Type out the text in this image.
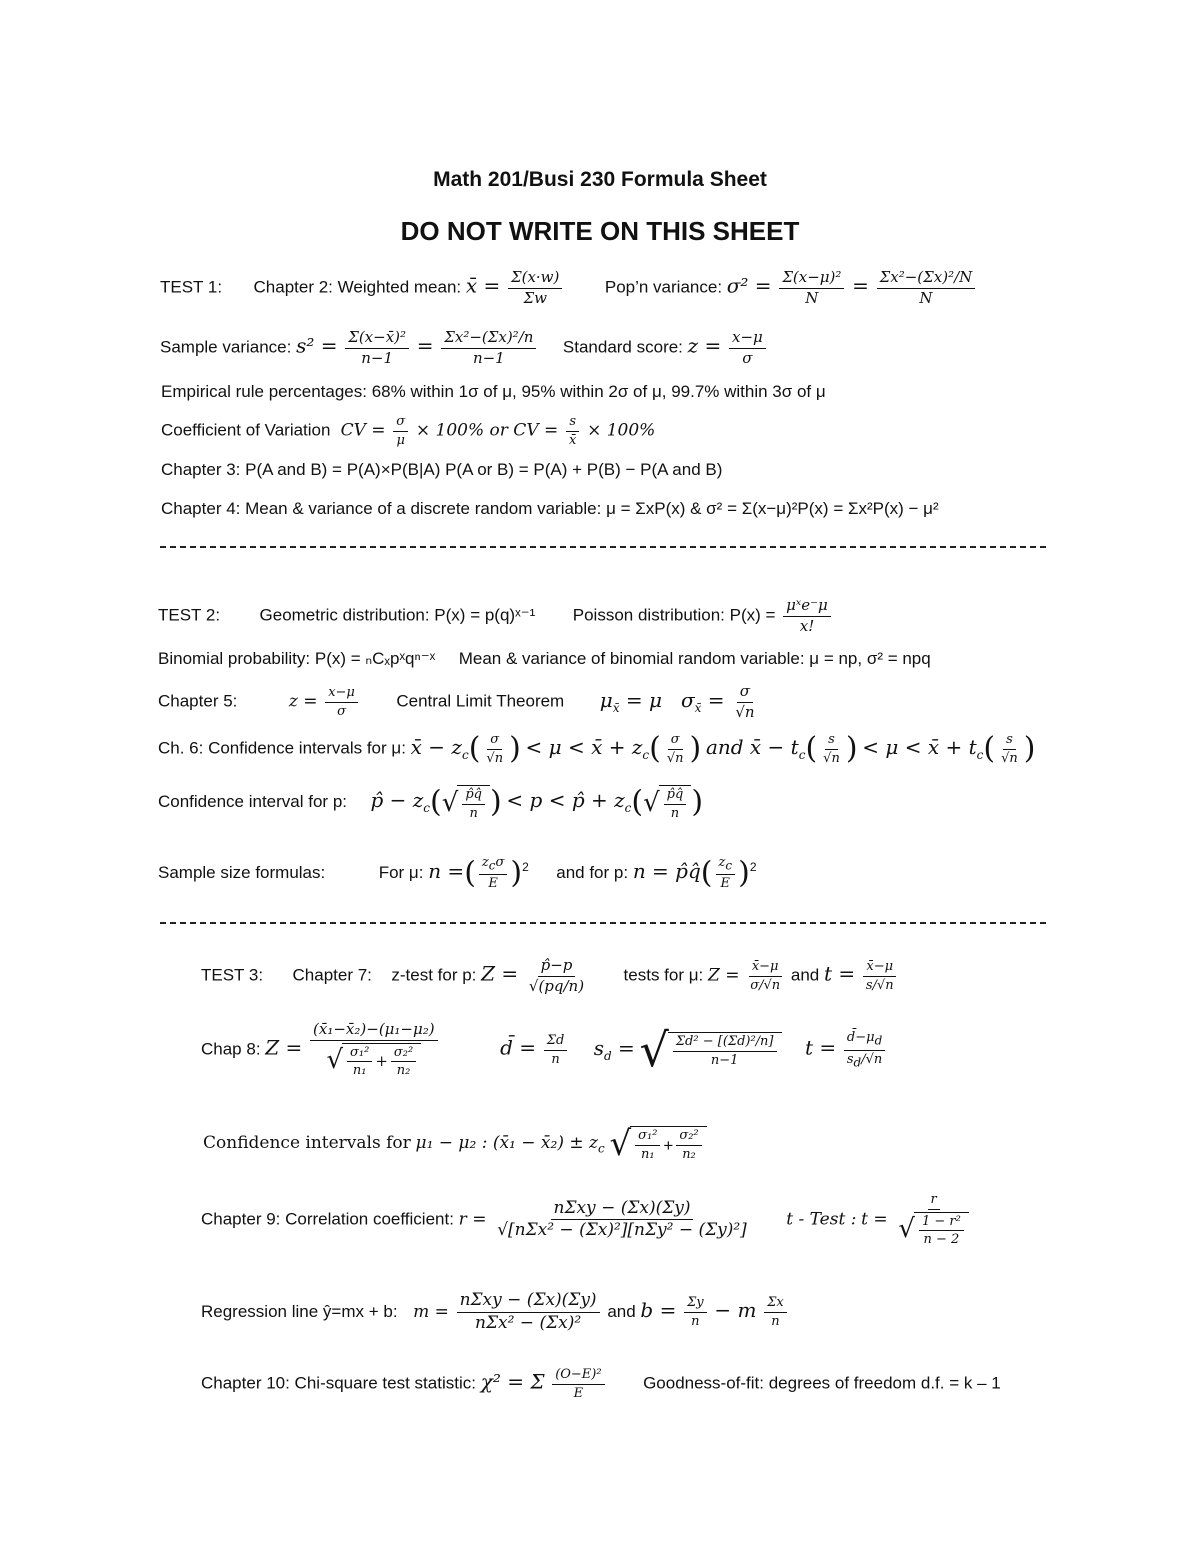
Math 201/Busi 230 Formula Sheet
DO NOT WRITE ON THIS SHEET
TEST 1: Chapter 2: Weighted mean: x̄ = $\frac{\Sigma(x\cdot w)}{\Sigma w}$ Pop’n variance: $\sigma^2 = \frac{\text{Σ(x−μ)²}}{N} = \frac{\text{Σx²−(Σx)²/N}}{N}$
Sample variance: $s^2 = \frac{\text{Σ(x−x̄)²}}{n-1} = \frac{\text{Σx²−(Σx)²/n}}{n-1}$ Standard score: $z = \frac{x-\mu}{\sigma}$
Empirical rule percentages: 68% within 1σ of μ, 95% within 2σ of μ, 99.7% within 3σ of μ
Coefficient of Variation  CV = $\frac{\sigma}{\mu} \times 100\%$ or CV = $\frac{s}{x̄} \times 100\%$
Chapter 3: P(A and B) = P(A)×P(B|A) P(A or B) = P(A) + P(B) − P(A and B)
Chapter 4: Mean & variance of a discrete random variable: μ = ΣxP(x) & σ² = Σ(x−μ)²P(x) = Σx²P(x) − μ²
TEST 2: Geometric distribution: P(x) = p(q)ˣ⁻¹ Poisson distribution: $P(x) = \frac{\text{μˣe⁻μ}}{x!}$
Binomial probability: P(x) = ₙCₓpˣqⁿ⁻ˣ Mean & variance of binomial random variable: μ = np, σ² = npq
Chapter 5:	$z = \frac{x-\mu}{\sigma}$ Central Limit Theorem $\mu_{x̄} = \mu$   $\sigma_{x̄} = \frac{\sigma}{√n}$
Ch. 6: Confidence intervals for μ: x̄ − $z_c( \frac{\sigma}{√n}$ ) < μ < x̄ + $z_c( \frac{\sigma}{√n}$ ) and x̄ − $t_c( \frac{s}{√n}$ ) < μ < x̄ + $t_c( \frac{s}{√n}$ )
Confidence interval for p: p̂ − $z_c$( √ $\frac{p̂q̂}{n}$ ) < p < p̂ + $z_c$( √ $\frac{p̂q̂}{n}$ )
Sample size formulas:	For μ: n =( $\frac{\text{zcσ}}{E} )^2$ and for p: n = p̂q̂( $\frac{zc}{E} )^2$
TEST 3: Chapter 7: z-test for p: $Z = \frac{p̂-p}{√(pq/n)}$ tests for μ: $Z = \frac{x̄-\mu}{\sigma/√n}$ and $t = \frac{x̄-\mu}{s/√n}$
Chap 8: $Z = \frac{\text{(x̄₁−x̄₂)−(μ₁−μ₂)}}{√ \frac{\text{σ₁²}}{\text{n₁}} + \frac{\text{σ₂²}}{\text{n₂}}}$	d̄ = $\frac{\Sigma d}{n} s_d$ = √ $\frac{\text{Σd² − [(Σd)²/n]}}{n-1}$ $t = \frac{d̄-\mu d}{sd/√n}$
Confidence intervals for μ₁ − μ₂ : (x̄₁ − x̄₂) ± $z_c$ √ $\frac{\text{σ₁²}}{\text{n₁}} + \frac{\text{σ₂²}}{\text{n₂}}$
Chapter 9: Correlation coefficient: $r = \frac{\text{nΣxy − (Σx)(Σy)}}{\text{√[nΣx² − (Σx)²][nΣy² − (Σy)²]}}$ t - Test : $t = \frac{r}{√ \frac{\text{1 − r²}}{n - 2}}$
Regression line ŷ=mx + b:   $m = \frac{\text{nΣxy − (Σx)(Σy)}}{\text{nΣx² − (Σx)²}}$ and $b = \frac{\Sigma y}{n} - m \frac{\Sigma x}{n}$
Chapter 10: Chi-square test statistic: χ² = Σ $\frac{\text{(O−E)²}}{E}$ Goodness-of-fit: degrees of freedom d.f. = k – 1
